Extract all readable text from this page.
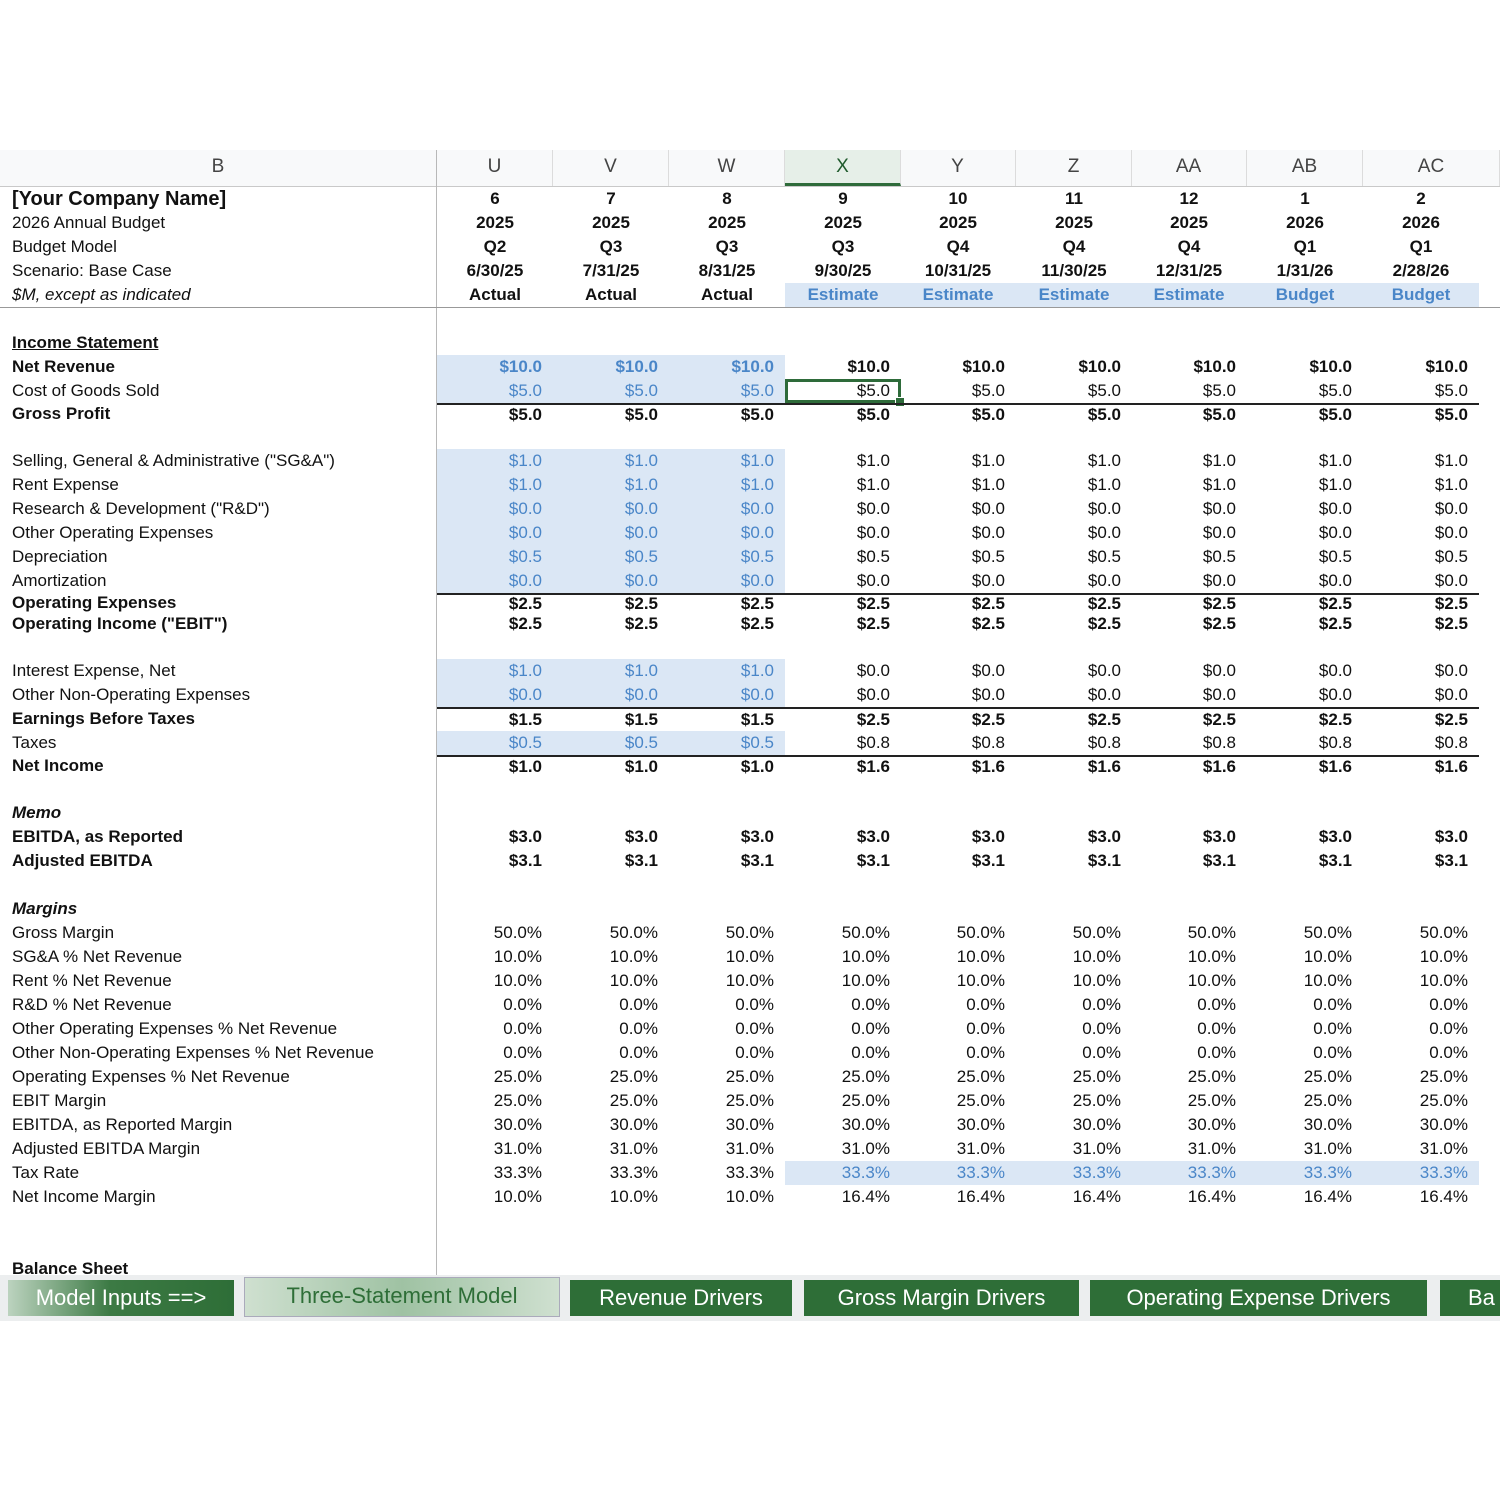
B	U	V	W	X	Y	Z	AA	AB	AC
[Your Company Name]	6	7	8	9	10	11	12	1	2
2026 Annual Budget	2025	2025	2025	2025	2025	2025	2025	2026	2026
Budget Model	Q2	Q3	Q3	Q3	Q4	Q4	Q4	Q1	Q1
Scenario: Base Case	6/30/25	7/31/25	8/31/25	9/30/25	10/31/25	11/30/25	12/31/25	1/31/26	2/28/26
$M, except as indicated	Actual	Actual	Actual	Estimate	Estimate	Estimate	Estimate	Budget	Budget
Income Statement
Net Revenue	$10.0	$10.0	$10.0	$10.0	$10.0	$10.0	$10.0	$10.0	$10.0
Cost of Goods Sold	$5.0	$5.0	$5.0	$5.0	$5.0	$5.0	$5.0	$5.0	$5.0
Gross Profit	$5.0	$5.0	$5.0	$5.0	$5.0	$5.0	$5.0	$5.0	$5.0
Selling, General & Administrative ("SG&A")	$1.0	$1.0	$1.0	$1.0	$1.0	$1.0	$1.0	$1.0	$1.0
Rent Expense	$1.0	$1.0	$1.0	$1.0	$1.0	$1.0	$1.0	$1.0	$1.0
Research & Development ("R&D")	$0.0	$0.0	$0.0	$0.0	$0.0	$0.0	$0.0	$0.0	$0.0
Other Operating Expenses	$0.0	$0.0	$0.0	$0.0	$0.0	$0.0	$0.0	$0.0	$0.0
Depreciation	$0.5	$0.5	$0.5	$0.5	$0.5	$0.5	$0.5	$0.5	$0.5
Amortization	$0.0	$0.0	$0.0	$0.0	$0.0	$0.0	$0.0	$0.0	$0.0
Operating Expenses	$2.5	$2.5	$2.5	$2.5	$2.5	$2.5	$2.5	$2.5	$2.5
Operating Income ("EBIT")	$2.5	$2.5	$2.5	$2.5	$2.5	$2.5	$2.5	$2.5	$2.5
Interest Expense, Net	$1.0	$1.0	$1.0	$0.0	$0.0	$0.0	$0.0	$0.0	$0.0
Other Non-Operating Expenses	$0.0	$0.0	$0.0	$0.0	$0.0	$0.0	$0.0	$0.0	$0.0
Earnings Before Taxes	$1.5	$1.5	$1.5	$2.5	$2.5	$2.5	$2.5	$2.5	$2.5
Taxes	$0.5	$0.5	$0.5	$0.8	$0.8	$0.8	$0.8	$0.8	$0.8
Net Income	$1.0	$1.0	$1.0	$1.6	$1.6	$1.6	$1.6	$1.6	$1.6
Memo
EBITDA, as Reported	$3.0	$3.0	$3.0	$3.0	$3.0	$3.0	$3.0	$3.0	$3.0
Adjusted EBITDA	$3.1	$3.1	$3.1	$3.1	$3.1	$3.1	$3.1	$3.1	$3.1
Margins
Gross Margin	50.0%	50.0%	50.0%	50.0%	50.0%	50.0%	50.0%	50.0%	50.0%
SG&A % Net Revenue	10.0%	10.0%	10.0%	10.0%	10.0%	10.0%	10.0%	10.0%	10.0%
Rent % Net Revenue	10.0%	10.0%	10.0%	10.0%	10.0%	10.0%	10.0%	10.0%	10.0%
R&D % Net Revenue	0.0%	0.0%	0.0%	0.0%	0.0%	0.0%	0.0%	0.0%	0.0%
Other Operating Expenses % Net Revenue	0.0%	0.0%	0.0%	0.0%	0.0%	0.0%	0.0%	0.0%	0.0%
Other Non-Operating Expenses % Net Revenue	0.0%	0.0%	0.0%	0.0%	0.0%	0.0%	0.0%	0.0%	0.0%
Operating Expenses % Net Revenue	25.0%	25.0%	25.0%	25.0%	25.0%	25.0%	25.0%	25.0%	25.0%
EBIT Margin	25.0%	25.0%	25.0%	25.0%	25.0%	25.0%	25.0%	25.0%	25.0%
EBITDA, as Reported Margin	30.0%	30.0%	30.0%	30.0%	30.0%	30.0%	30.0%	30.0%	30.0%
Adjusted EBITDA Margin	31.0%	31.0%	31.0%	31.0%	31.0%	31.0%	31.0%	31.0%	31.0%
Tax Rate	33.3%	33.3%	33.3%	33.3%	33.3%	33.3%	33.3%	33.3%	33.3%
Net Income Margin	10.0%	10.0%	10.0%	16.4%	16.4%	16.4%	16.4%	16.4%	16.4%
Balance Sheet
Model Inputs ==>	Three-Statement Model	Revenue Drivers	Gross Margin Drivers	Operating Expense Drivers	Ba
